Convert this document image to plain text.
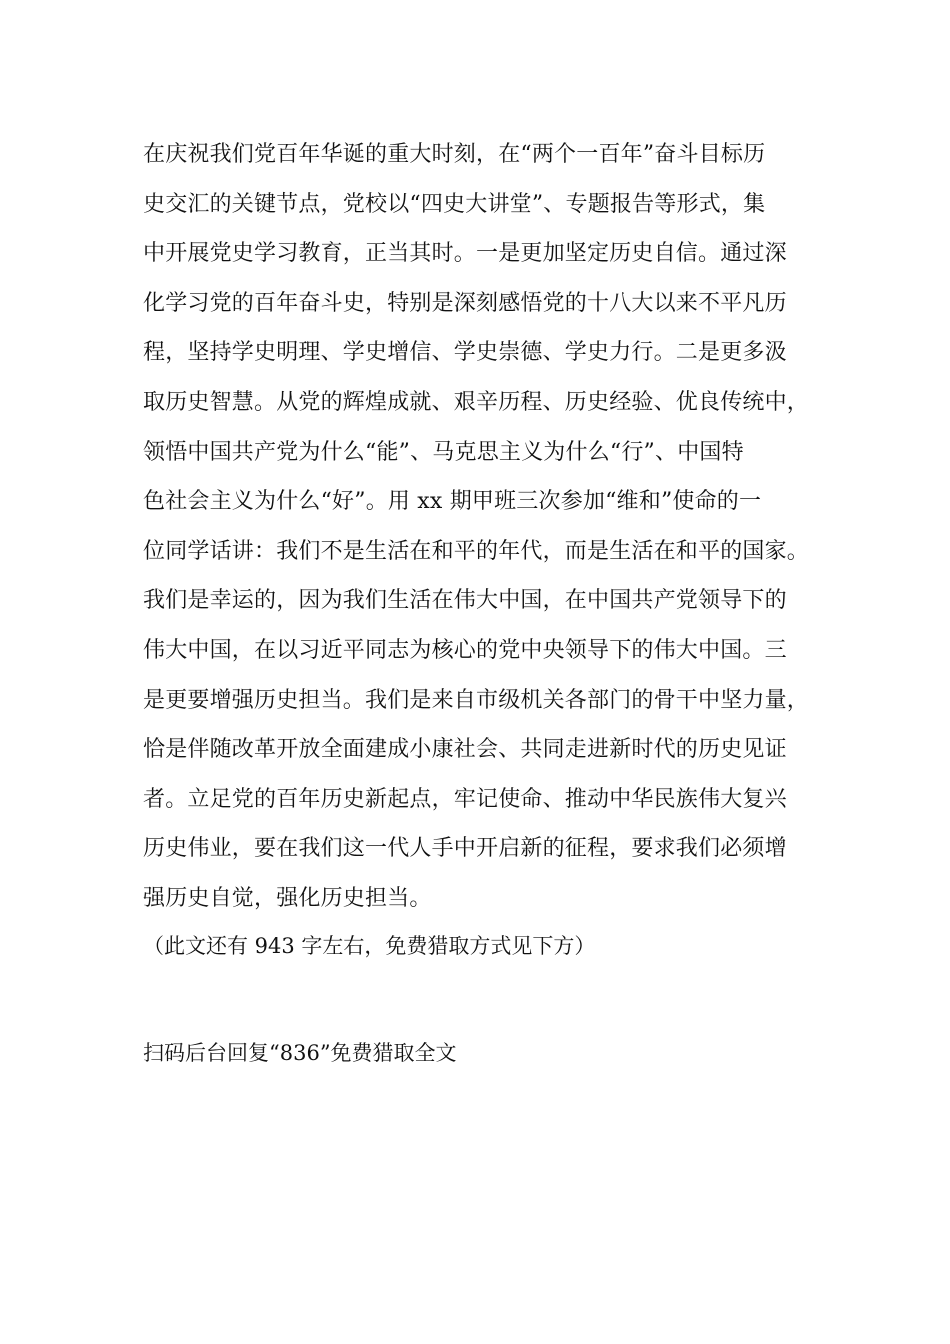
在庆祝我们党百年华诞的重大时刻，在“两个一百年”奋斗目标历
史交汇的关键节点，党校以“四史大讲堂”、专题报告等形式，集
中开展党史学习教育，正当其时。一是更加坚定历史自信。通过深
化学习党的百年奋斗史，特别是深刻感悟党的十八大以来不平凡历
程，坚持学史明理、学史增信、学史崇德、学史力行。二是更多汲
取历史智慧。从党的辉煌成就、艰辛历程、历史经验、优良传统中，
领悟中国共产党为什么“能”、马克思主义为什么“行”、中国特
色社会主义为什么“好”。用 xx 期甲班三次参加“维和”使命的一
位同学话讲：我们不是生活在和平的年代，而是生活在和平的国家。
我们是幸运的，因为我们生活在伟大中国，在中国共产党领导下的
伟大中国，在以习近平同志为核心的党中央领导下的伟大中国。三
是更要增强历史担当。我们是来自市级机关各部门的骨干中坚力量，
恰是伴随改革开放全面建成小康社会、共同走进新时代的历史见证
者。立足党的百年历史新起点，牢记使命、推动中华民族伟大复兴
历史伟业，要在我们这一代人手中开启新的征程，要求我们必须增
强历史自觉，强化历史担当。

（此文还有 943 字左右，免费猎取方式见下方）

扫码后台回复“836”免费猎取全文
